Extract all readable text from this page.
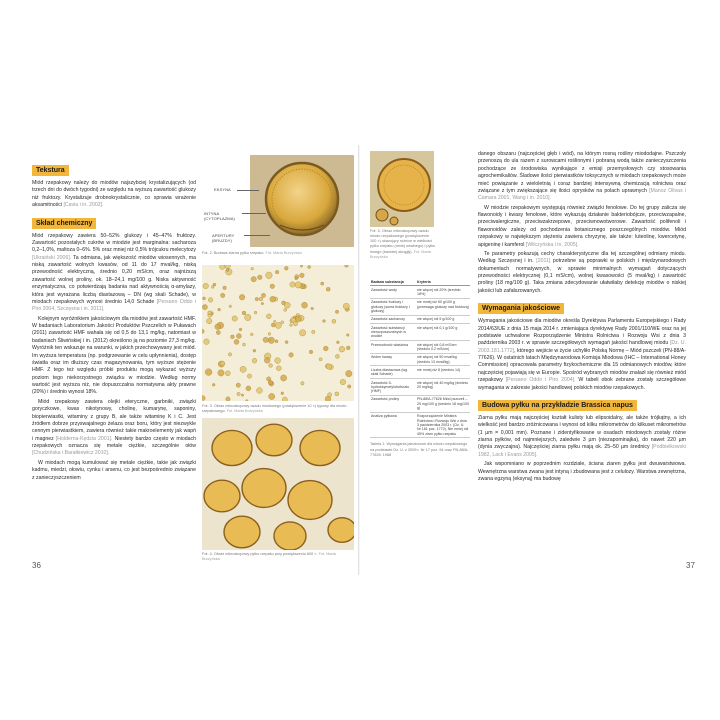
Tekstura

Miód rzepakowy należy do miodów najszybciej krystalizujących (od trzech dni do dwóch tygodni) ze względu na wyższą zawartość glukozy niż fruktozy. Krystalizuje drobnokrystalicznie, co sprawia wrażenie aksamitności [Cavia i in. 2002].

Skład chemiczny

Miód rzepakowy zawiera 50–52% glukozy i 45–47% fruktozy. Zawartość pozostałych cukrów w miodzie jest marginalna: sacharoza 0,2–1,0%, maltoza 0–6%. 5% oraz mniej niż 0,5% trójcukru melecytozy [Ukraiński 2006]. Ta odmiana, jak większość miodów wiosennych, ma niską zawartość wolnych kwasów, od 11 do 17 mval/kg, niską przewodność elektryczną, średnio 0,20 mS/cm, oraz najniższą zawartość wolnej proliny, ok. 18–24,1 mg/100 g. Niska aktywność enzymatyczna, co potwierdzają badania nad aktywnością α-amylazy, która jest wyrażana liczbą diastazową – DN (wg skali Schade), w miodach rzepakowych wynosi średnio 14,0 Schade [Persano Oddo i Piro 2004, Szczęsna i in. 2011].

Kolejnym wyróżnikiem jakościowym dla miodów jest zawartość HMF. W badaniach Laboratorium Jakości Produktów Pszczelich w Puławach (2011) zawartość HMF wahała się od 0,5 do 13,1 mg/kg, natomiast w badaniach Śliwińskiej i in. (2012) określono ją na poziomie 27,3 mg/kg. Wyróżnik ten wskazuje na warunki, w jakich przechowywany jest miód. Im wyższa temperatura (np. podgrzewanie w celu upłynnienia), dostęp światła oraz im dłuższy czas magazynowania, tym wyższe stężenie HMF. Z tego też względu próbki produktu mogą wykazać wyższy poziom tego niekorzystnego związku w miodzie. Według normy wartość jest wyższa niż, nie dopuszczalna normatywna akty prawne (20%) i średnio wynosi 18%.

Miód rzepakowy zawiera olejki eteryczne, garbniki, związki goryczkowe, kwas nikotynowy, cholinę, kumarynę, saponiny, biopierwiastki, witaminy z grupy B, ale także witaminę K i C. Jest źródłem dobrze przyswajalnego żelaza oraz boru, który jest niezwykle cennym pierwiastkiem, zawiera również takie makroelementy jak wapń i magnez [Holderna-Kędzia 2001]. Niestety bardzo często w miodach rzepakowych oznacza się metale ciężkie, szczególnie ołów [Chudzińska i Barałkiewicz 2010].

W miodach mogą kumulować się metale ciężkie, takie jak związki kadmu, miedzi, ołowiu, cynku i arsenu, co jest bezpośrednio związane z zanieczyszczeniem

EKSYNA
INTYNA (CYTOPLAZMA)
APERTURY (BRUZDY)
Fot. 2. Budowa ziarna pyłku rzepaku. Fot. Marta Burzyńska
Fot. 3. Obraz mikroskopowy osadu miodowego (powiększenie 10 ×) typowy dla miodu rzepakowego. Fot. Marta Burzyńska
Fot. 4. Obraz mikroskopowy pyłku rzepaku przy powiększeniu 600 ×. Fot. Marta Burzyńska
36
Fot. 5. Obraz mikroskopowy osadu miodu rzepakowego (powiększenie 100 ×) ukazujący różnice w wielkości pyłku rzepaku (mniej owalnego) i pyłku innego (bardziej okrągły). Fot. Marta Burzyńska
Badana substancja	Kryteria
Zawartość wody	nie więcej niż 20% (średnio 18%)
Zawartość fruktozy i glukozy (suma fruktozy i glukozy)	nie mniej niż 60 g/100 g (przewaga glukozy nad fruktozą)
Zawartość sacharozy	nie więcej niż 5 g/100 g
Zawartość substancji nierozpuszczalnych w wodzie	nie więcej niż 0,1 g/100 g
Przewodność właściwa	nie więcej niż 0,8 mS/cm (średnio 0,2 mS/cm)
Wolne kwasy	nie więcej niż 50 mval/kg (średnio 13 mval/kg)
Liczba diastazowa (wg skali Schade)	nie mniej niż 8 (średnio 14)
Zawartość 5-hydroksymetylofurfuralu (HMF)	nie więcej niż 40 mg/kg (średnio 20 mg/kg)
Zawartość proliny	PN-88/A-77626 Miód pszczeli – 25 mg/100 g (średnio 18 mg/100 g)
Analiza pyłkowa	Rozporządzenie Ministra Rolnictwa i Rozwoju Wsi z dnia 3 października 2003 r. (Dz. U. Nr 181 poz. 1772), Nie mniej niż 45% ziarn pyłku rzepaku
Tabela 1. Wymagania jakościowe dla miodu rzepakowego na podstawie Dz. U. z 2009 r. Nr 17 poz. 94 oraz PN-88/A-77626: 1988

danego obszaru (najczęściej głęb i wód), na którym rosną rośliny miododajne. Pszczoły przenoszą do ula razem z surowcami roślinnymi i pobraną wodą także zanieczyszczenia pochodzące ze środowiska wynikające z emisji przemysłowych czy stosowania agrochemikaliów. Śladowe ilości pierwiastków toksycznych w miodach rzepakowych może mieć powiązanie z wieloletnią i coraz bardziej intensywną chemizacją rolnictwa oraz związane z tym zwiększające się ilości oprysków na polach uprawnych [Manoz Olivas i Camara 2001, Wang i in. 2010].

W miodzie rzepakowym występują również związki fenolowe. Do tej grupy zalicza się flawonoidy i kwasy fenolowe, które wykazują działanie bakteriobójcze, przeciwzapalne, przeciwalergiczne, przeciwzakrzepowe, przeciwnowotworowe. Zawartość polifenoli i flawonoidów zależy od pochodzenia botanicznego poszczególnych miodów. Miód rzepakowy w największym stężeniu zawiera chryzynę, ale także: luteolinę, kwercetynę, apigeninę i kamferol [Wilczyńska i in. 2005].

Te parametry pokazują cechy charakterystyczne dla tej szczególnej odmiany miodu. Według Szczęsnej i in. [2011] potrzebne są poprawki w polskich i międzynarodowych dokumentach normatywnych, w sprawie minimalnych wymagań dotyczących przewodności elektrycznej (0,1 mS/cm), wolnej kwasowości (5 mval/kg) i zawartość proliny (18 mg/100 g). Taka zmiana zdecydowanie ułatwiłaby detekcję miodów o niskiej jakości lub zafałszowanych.

Wymagania jakościowe

Wymagania jakościowe dla miodów określa Dyrektywa Parlamentu Europejskiego i Rady 2014/63/UE z dnia 15 maja 2014 r. zmieniająca dyrektywę Rady 2001/110/WE oraz na jej podstawie uchwalone Rozporządzenie Ministra Rolnictwa i Rozwoju Wsi z dnia 3 października 2003 r. w sprawie szczegółowych wymagań jakości handlowej miodu [Dz. U. 2003.181.1772], którego wejście w życie uchyliło Polską Normę – Miód pszczeli (PN-88/A-77626). W ostatnich latach Międzynarodowa Komisja Miodowa (IHC – International Honey Commission) opracowała parametry fizykochemiczne dla 15 odmianowych miodów, które najczęściej pojawiają się w Europie. Spośród wybranych miodów znalazł się również miód rzepakowy [Persano Oddo i Piro 2004]. W tabeli obok zebrane zostały szczegółowe wymagania w zakresie jakości handlowej polskich miodów rzepakowych.

Budowa pyłku na przykładzie Brassica napus

Ziarna pyłku mają najczęściej kształt kulisty lub elipsoidalny, ale także trójkątny, a ich wielkość jest bardzo zróżnicowana i wynosi od kilku mikrometrów do kilkuset mikrometrów (1 µm = 0,001 mm). Poznane i zidentyfikowane w osadach miodowych zostały różne ziarna pyłków, od najmniejszych, zaledwie 3 µm (niezapominajka), do nawet 220 µm (dynia zwyczajna). Najczęściej ziarna pyłku mają ok. 25–50 µm średnicy [Podbielkowski 1982, Lack i Evans 2005].

Jak wspomniano w poprzednim rozdziale, ściana ziaren pyłku jest dwuwarstwowa. Wewnętrzna warstwa zwana jest intyną i zbudowana jest z celulozy. Warstwa zewnętrzna, zwana egzyną (eksyną) ma budowę

37
